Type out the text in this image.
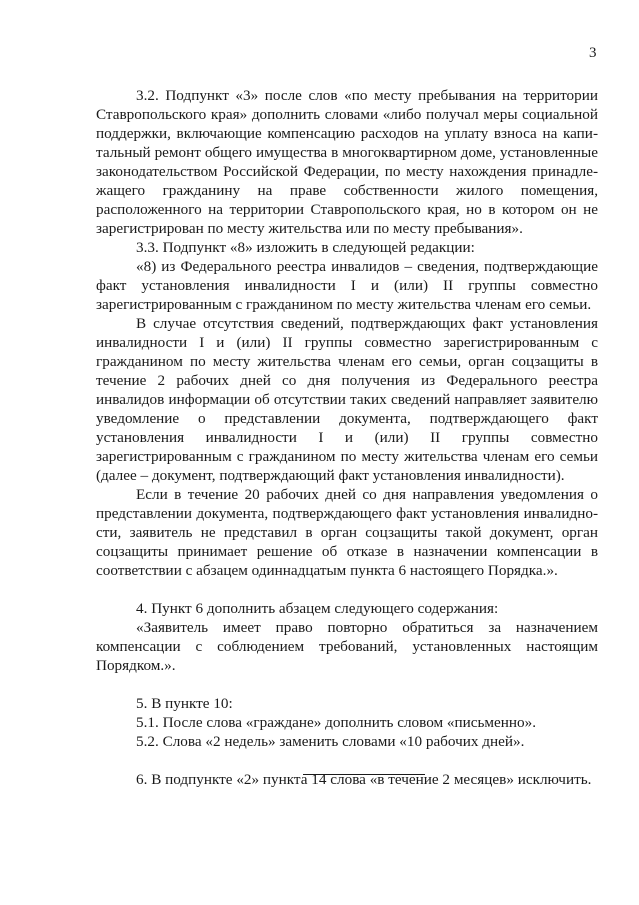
3

3.2. Подпункт «3» после слов «по месту пребывания на территории Ставропольского края» дополнить словами «либо получал меры социальной поддержки, включающие компенсацию расходов на уплату взноса на капитальный ремонт общего имущества в многоквартирном доме, установленные законодательством Российской Федерации, по месту нахождения принадлежащего гражданину на праве собственности жилого помещения, расположенного на территории Ставропольского края, но в котором он не зарегистрирован по месту жительства или по месту пребывания».

3.3. Подпункт «8» изложить в следующей редакции:

«8) из Федерального реестра инвалидов – сведения, подтверждающие факт установления инвалидности I и (или) II группы совместно зарегистрированным с гражданином по месту жительства членам его семьи.

В случае отсутствия сведений, подтверждающих факт установления инвалидности I и (или) II группы совместно зарегистрированным с гражданином по месту жительства членам его семьи, орган соцзащиты в течение 2 рабочих дней со дня получения из Федерального реестра инвалидов информации об отсутствии таких сведений направляет заявителю уведомление о представлении документа, подтверждающего факт установления инвалидности I и (или) II группы совместно зарегистрированным с гражданином по месту жительства членам его семьи (далее – документ, подтверждающий факт установления инвалидности).

Если в течение 20 рабочих дней со дня направления уведомления о представлении документа, подтверждающего факт установления инвалидности, заявитель не представил в орган соцзащиты такой документ, орган соцзащиты принимает решение об отказе в назначении компенсации в соответствии с абзацем одиннадцатым пункта 6 настоящего Порядка.».

4. Пункт 6 дополнить абзацем следующего содержания:

«Заявитель имеет право повторно обратиться за назначением компенсации с соблюдением требований, установленных настоящим Порядком.».

5. В пункте 10:

5.1. После слова «граждане» дополнить словом «письменно».

5.2. Слова «2 недель» заменить словами «10 рабочих дней».

6. В подпункте «2» пункта 14 слова «в течение 2 месяцев» исключить.
